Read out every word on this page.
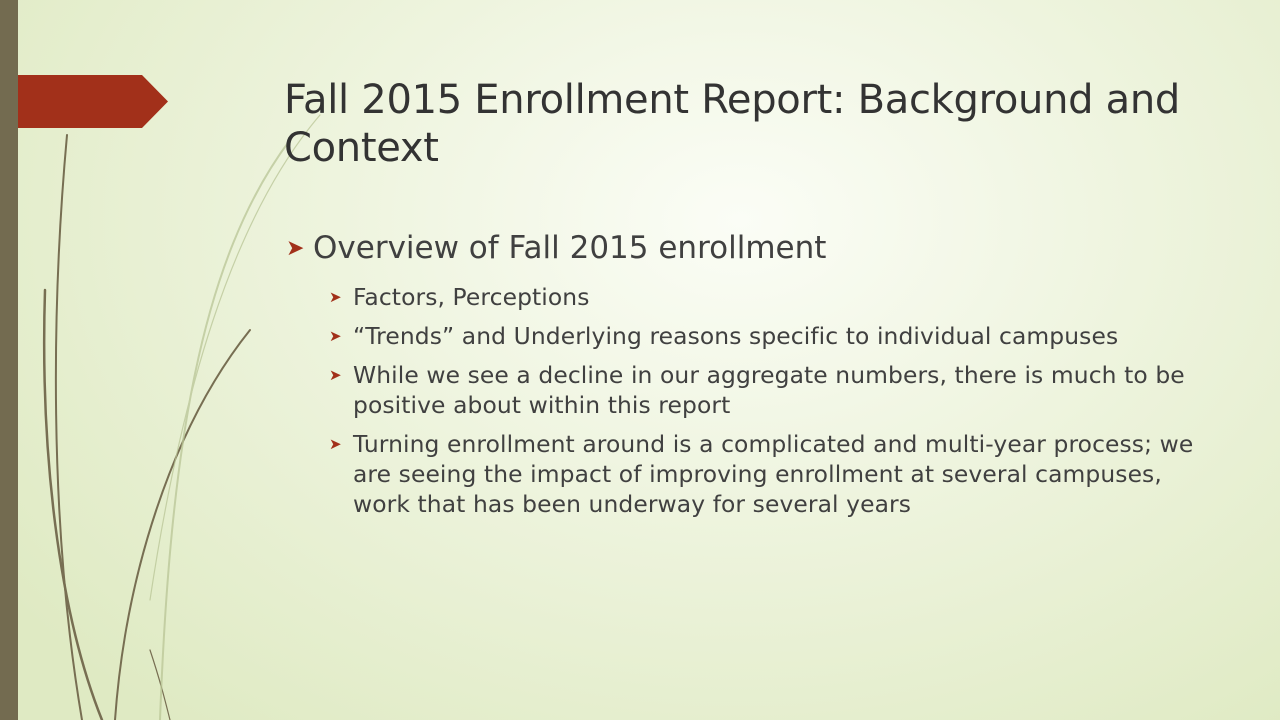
Fall 2015 Enrollment Report: Background and Context
➤ Overview of Fall 2015 enrollment
➤ Factors, Perceptions
➤ “Trends” and Underlying reasons specific to individual campuses
➤ While we see a decline in our aggregate numbers, there is much to be positive about within this report
➤ Turning enrollment around is a complicated and multi-year process; we are seeing the impact of improving enrollment at several campuses, work that has been underway for several years
